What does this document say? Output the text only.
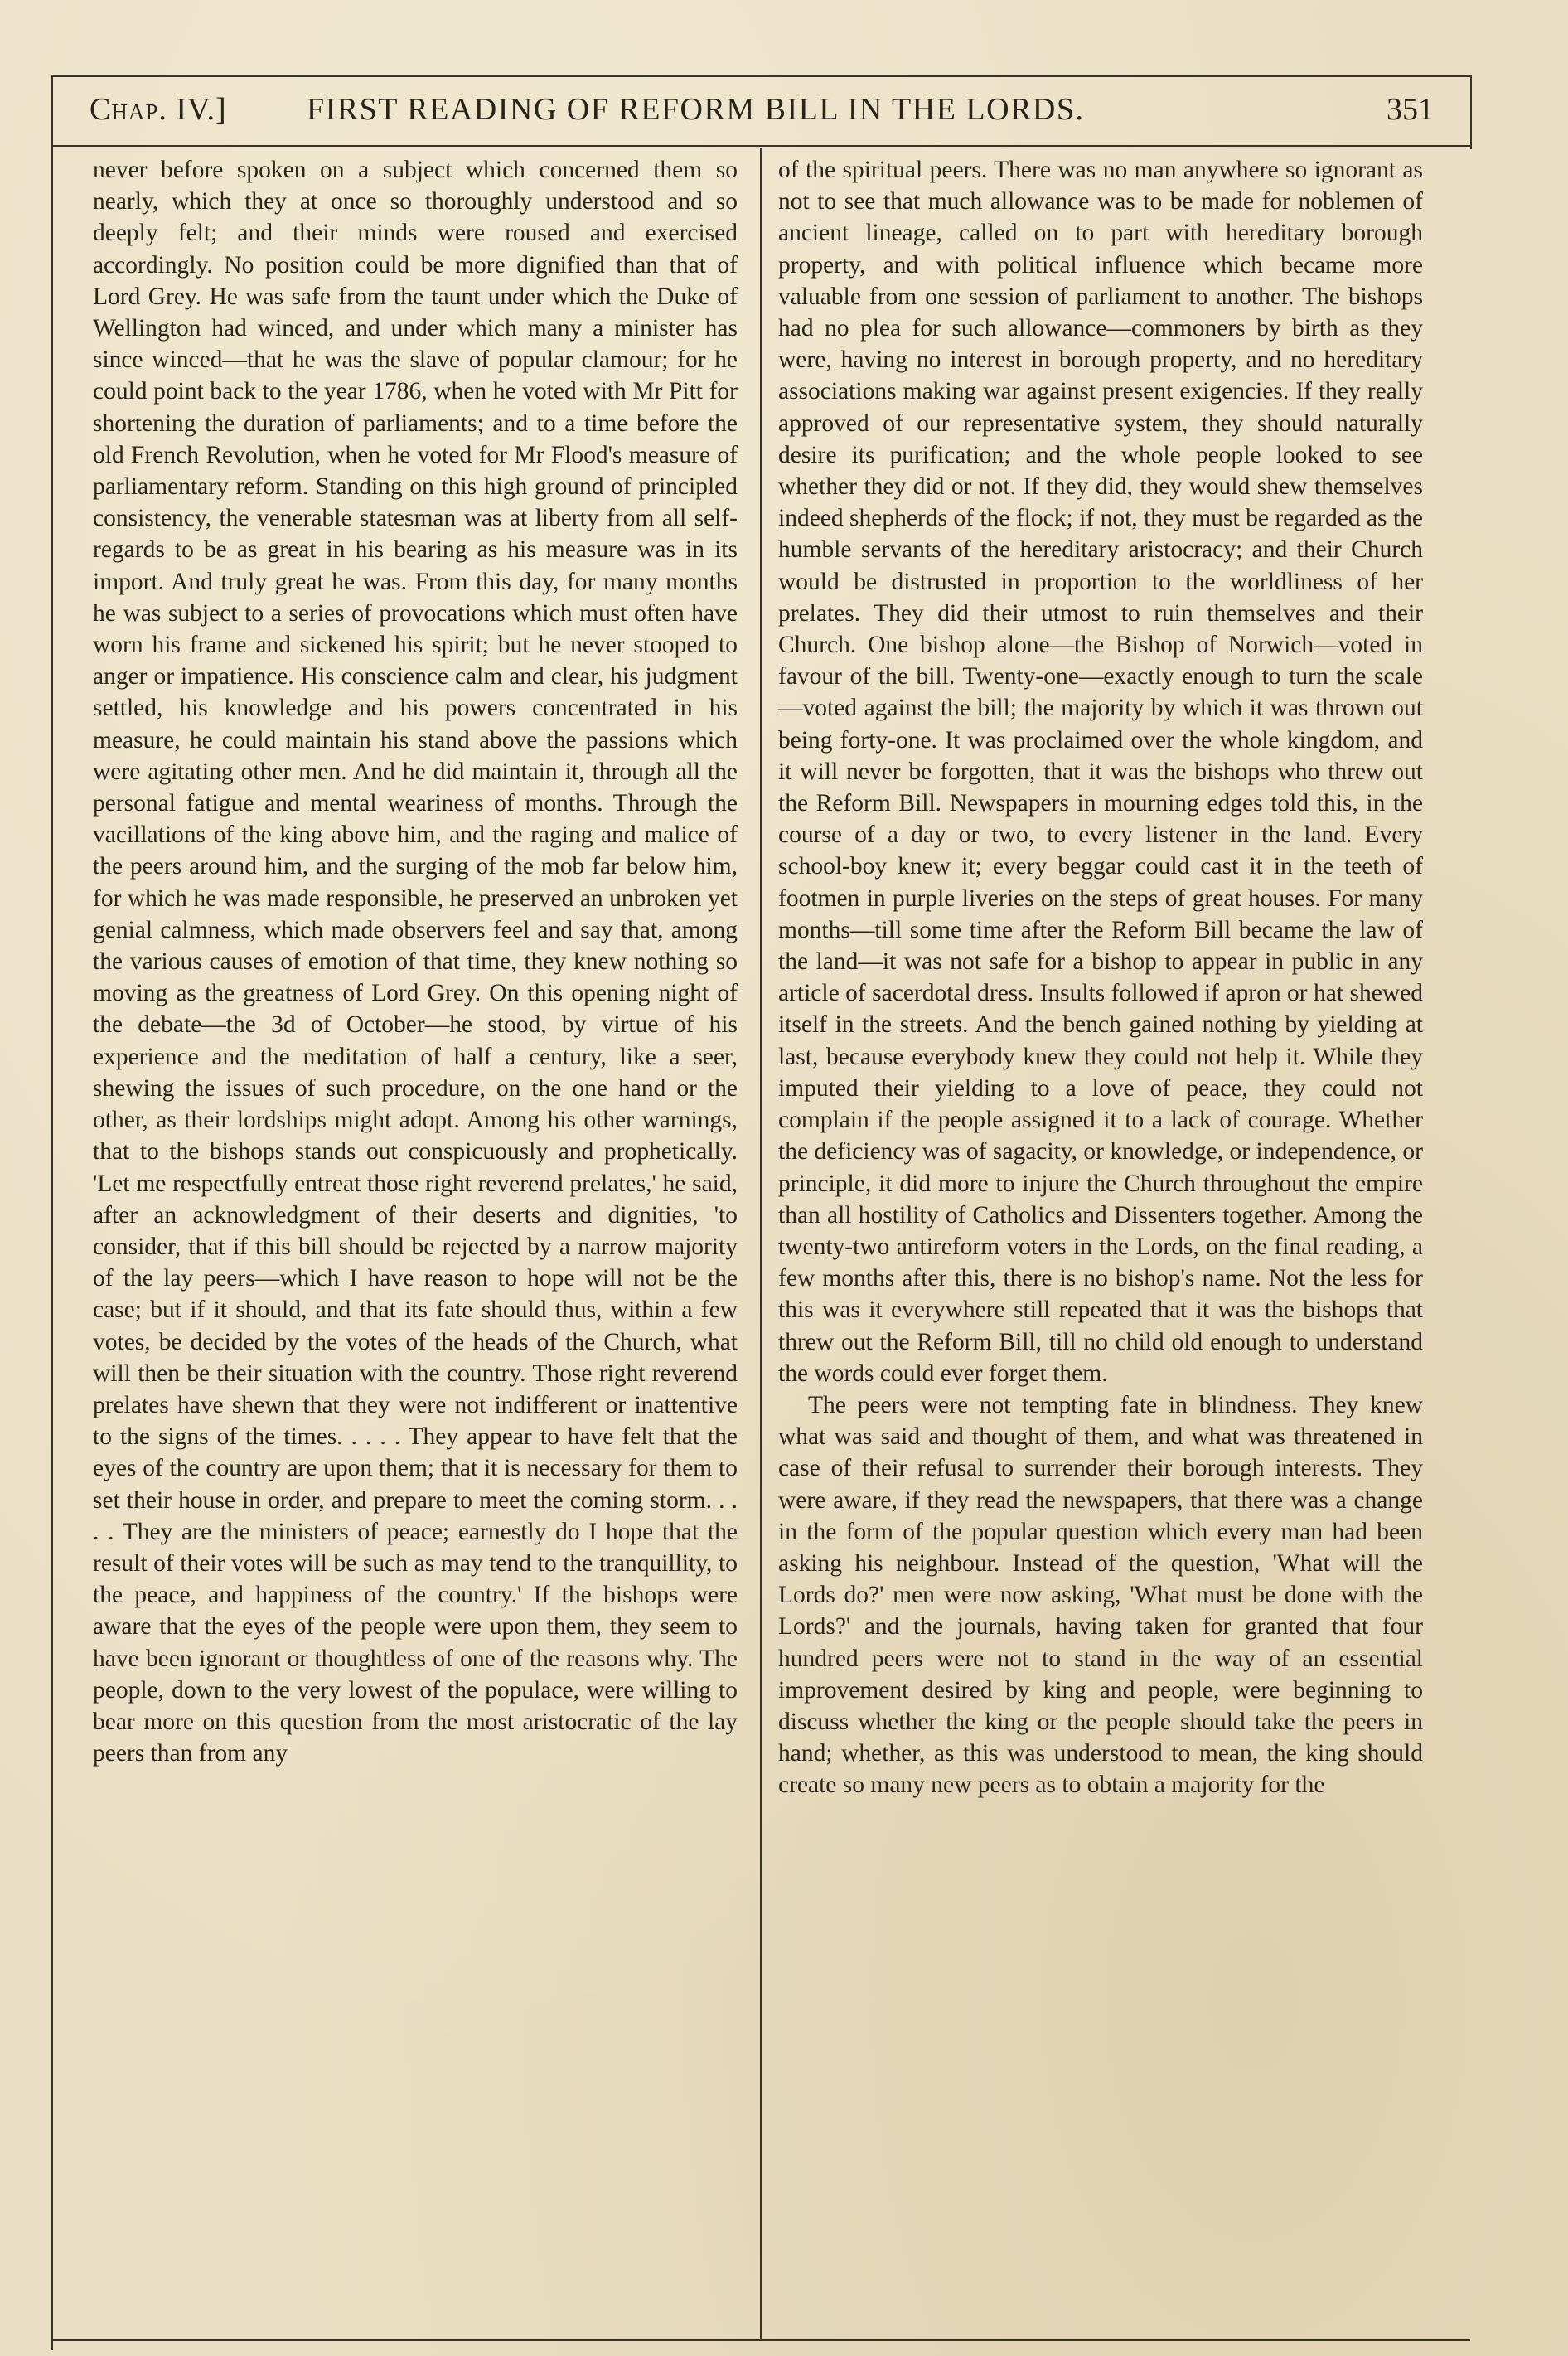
Chap. IV.]	FIRST READING OF REFORM BILL IN THE LORDS.	351

never before spoken on a subject which concerned them so nearly, which they at once so thoroughly understood and so deeply felt; and their minds were roused and exercised accordingly. No position could be more dignified than that of Lord Grey. He was safe from the taunt under which the Duke of Wellington had winced, and under which many a minister has since winced—that he was the slave of popular clamour; for he could point back to the year 1786, when he voted with Mr Pitt for shortening the duration of parliaments; and to a time before the old French Revolution, when he voted for Mr Flood's measure of parliamentary reform. Standing on this high ground of principled consistency, the venerable statesman was at liberty from all self-regards to be as great in his bearing as his measure was in its import. And truly great he was. From this day, for many months he was subject to a series of provocations which must often have worn his frame and sickened his spirit; but he never stooped to anger or impatience. His conscience calm and clear, his judgment settled, his knowledge and his powers concentrated in his measure, he could maintain his stand above the passions which were agitating other men. And he did maintain it, through all the personal fatigue and mental weariness of months. Through the vacillations of the king above him, and the raging and malice of the peers around him, and the surging of the mob far below him, for which he was made responsible, he preserved an unbroken yet genial calmness, which made observers feel and say that, among the various causes of emotion of that time, they knew nothing so moving as the greatness of Lord Grey. On this opening night of the debate—the 3d of October—he stood, by virtue of his experience and the meditation of half a century, like a seer, shewing the issues of such procedure, on the one hand or the other, as their lordships might adopt. Among his other warnings, that to the bishops stands out conspicuously and prophetically. 'Let me respectfully entreat those right reverend prelates,' he said, after an acknowledgment of their deserts and dignities, 'to consider, that if this bill should be rejected by a narrow majority of the lay peers—which I have reason to hope will not be the case; but if it should, and that its fate should thus, within a few votes, be decided by the votes of the heads of the Church, what will then be their situation with the country. Those right reverend prelates have shewn that they were not indifferent or inattentive to the signs of the times. . . . . They appear to have felt that the eyes of the country are upon them; that it is necessary for them to set their house in order, and prepare to meet the coming storm. . . . . They are the ministers of peace; earnestly do I hope that the result of their votes will be such as may tend to the tranquillity, to the peace, and happiness of the country.' If the bishops were aware that the eyes of the people were upon them, they seem to have been ignorant or thoughtless of one of the reasons why. The people, down to the very lowest of the populace, were willing to bear more on this question from the most aristocratic of the lay peers than from any

of the spiritual peers. There was no man anywhere so ignorant as not to see that much allowance was to be made for noblemen of ancient lineage, called on to part with hereditary borough property, and with political influence which became more valuable from one session of parliament to another. The bishops had no plea for such allowance—commoners by birth as they were, having no interest in borough property, and no hereditary associations making war against present exigencies. If they really approved of our representative system, they should naturally desire its purification; and the whole people looked to see whether they did or not. If they did, they would shew themselves indeed shepherds of the flock; if not, they must be regarded as the humble servants of the hereditary aristocracy; and their Church would be distrusted in proportion to the worldliness of her prelates. They did their utmost to ruin themselves and their Church. One bishop alone—the Bishop of Norwich—voted in favour of the bill. Twenty-one—exactly enough to turn the scale—voted against the bill; the majority by which it was thrown out being forty-one. It was proclaimed over the whole kingdom, and it will never be forgotten, that it was the bishops who threw out the Reform Bill. Newspapers in mourning edges told this, in the course of a day or two, to every listener in the land. Every school-boy knew it; every beggar could cast it in the teeth of footmen in purple liveries on the steps of great houses. For many months—till some time after the Reform Bill became the law of the land—it was not safe for a bishop to appear in public in any article of sacerdotal dress. Insults followed if apron or hat shewed itself in the streets. And the bench gained nothing by yielding at last, because everybody knew they could not help it. While they imputed their yielding to a love of peace, they could not complain if the people assigned it to a lack of courage. Whether the deficiency was of sagacity, or knowledge, or independence, or principle, it did more to injure the Church throughout the empire than all hostility of Catholics and Dissenters together. Among the twenty-two antireform voters in the Lords, on the final reading, a few months after this, there is no bishop's name. Not the less for this was it everywhere still repeated that it was the bishops that threw out the Reform Bill, till no child old enough to understand the words could ever forget them.

The peers were not tempting fate in blindness. They knew what was said and thought of them, and what was threatened in case of their refusal to surrender their borough interests. They were aware, if they read the newspapers, that there was a change in the form of the popular question which every man had been asking his neighbour. Instead of the question, 'What will the Lords do?' men were now asking, 'What must be done with the Lords?' and the journals, having taken for granted that four hundred peers were not to stand in the way of an essential improvement desired by king and people, were beginning to discuss whether the king or the people should take the peers in hand; whether, as this was understood to mean, the king should create so many new peers as to obtain a majority for the
